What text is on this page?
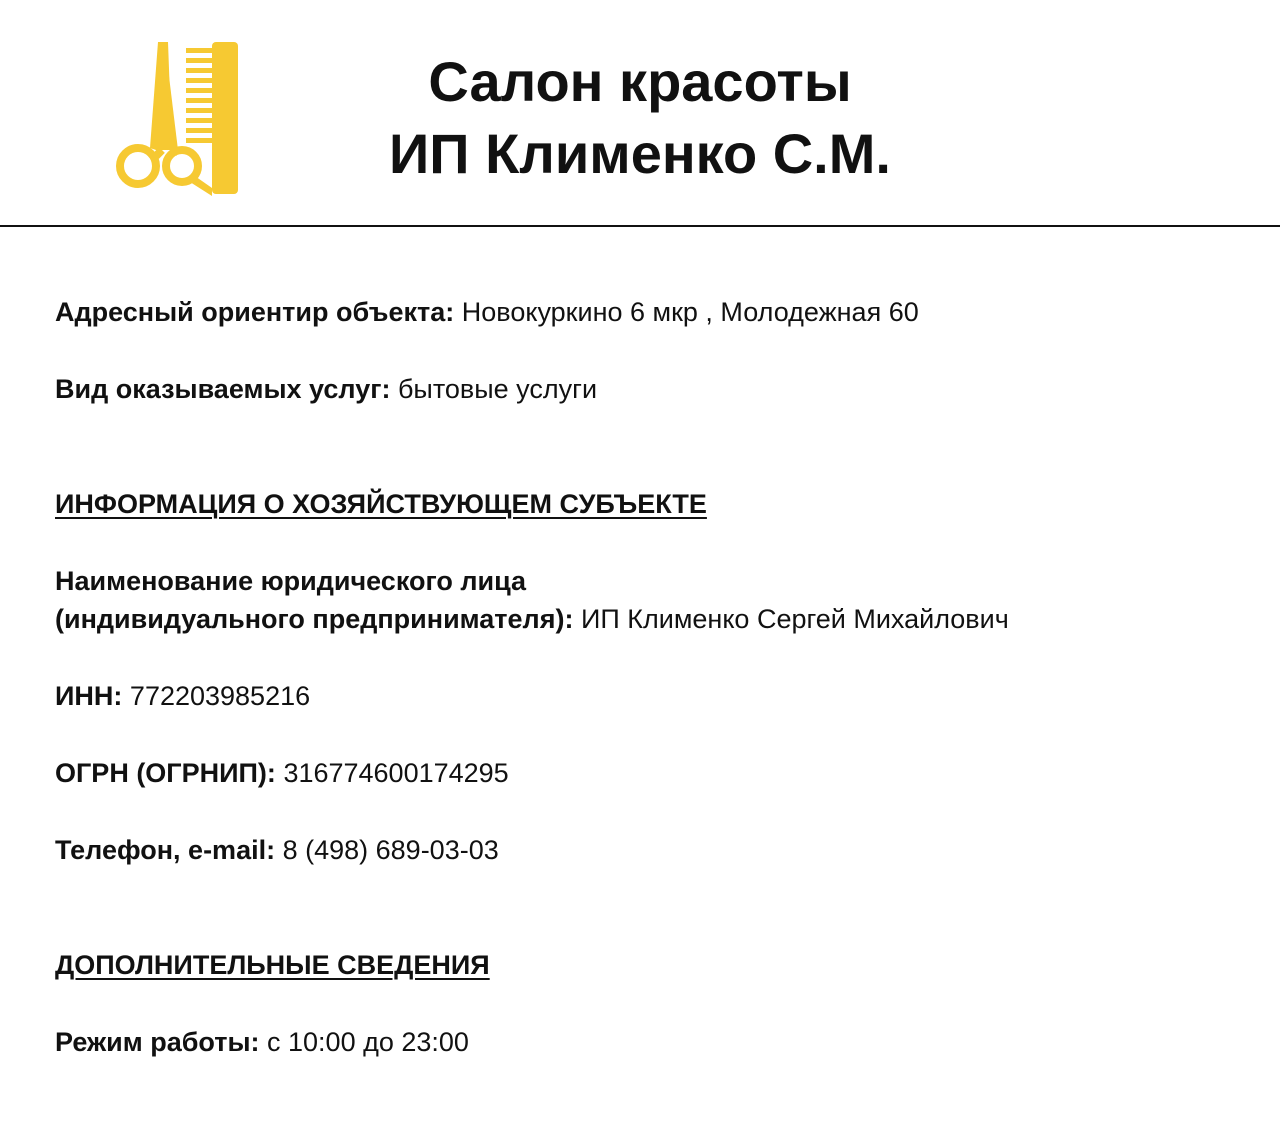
Салон красоты
ИП Клименко С.М.

Адресный ориентир объекта: Новокуркино 6 мкр , Молодежная 60

Вид оказываемых услуг: бытовые услуги

ИНФОРМАЦИЯ О ХОЗЯЙСТВУЮЩЕМ СУБЪЕКТЕ

Наименование юридического лица

(индивидуального предпринимателя): ИП Клименко Сергей Михайлович

ИНН: 772203985216

ОГРН (ОГРНИП): 316774600174295

Телефон, e-mail: 8 (498) 689-03-03

ДОПОЛНИТЕЛЬНЫЕ СВЕДЕНИЯ

Режим работы: с 10:00 до 23:00
